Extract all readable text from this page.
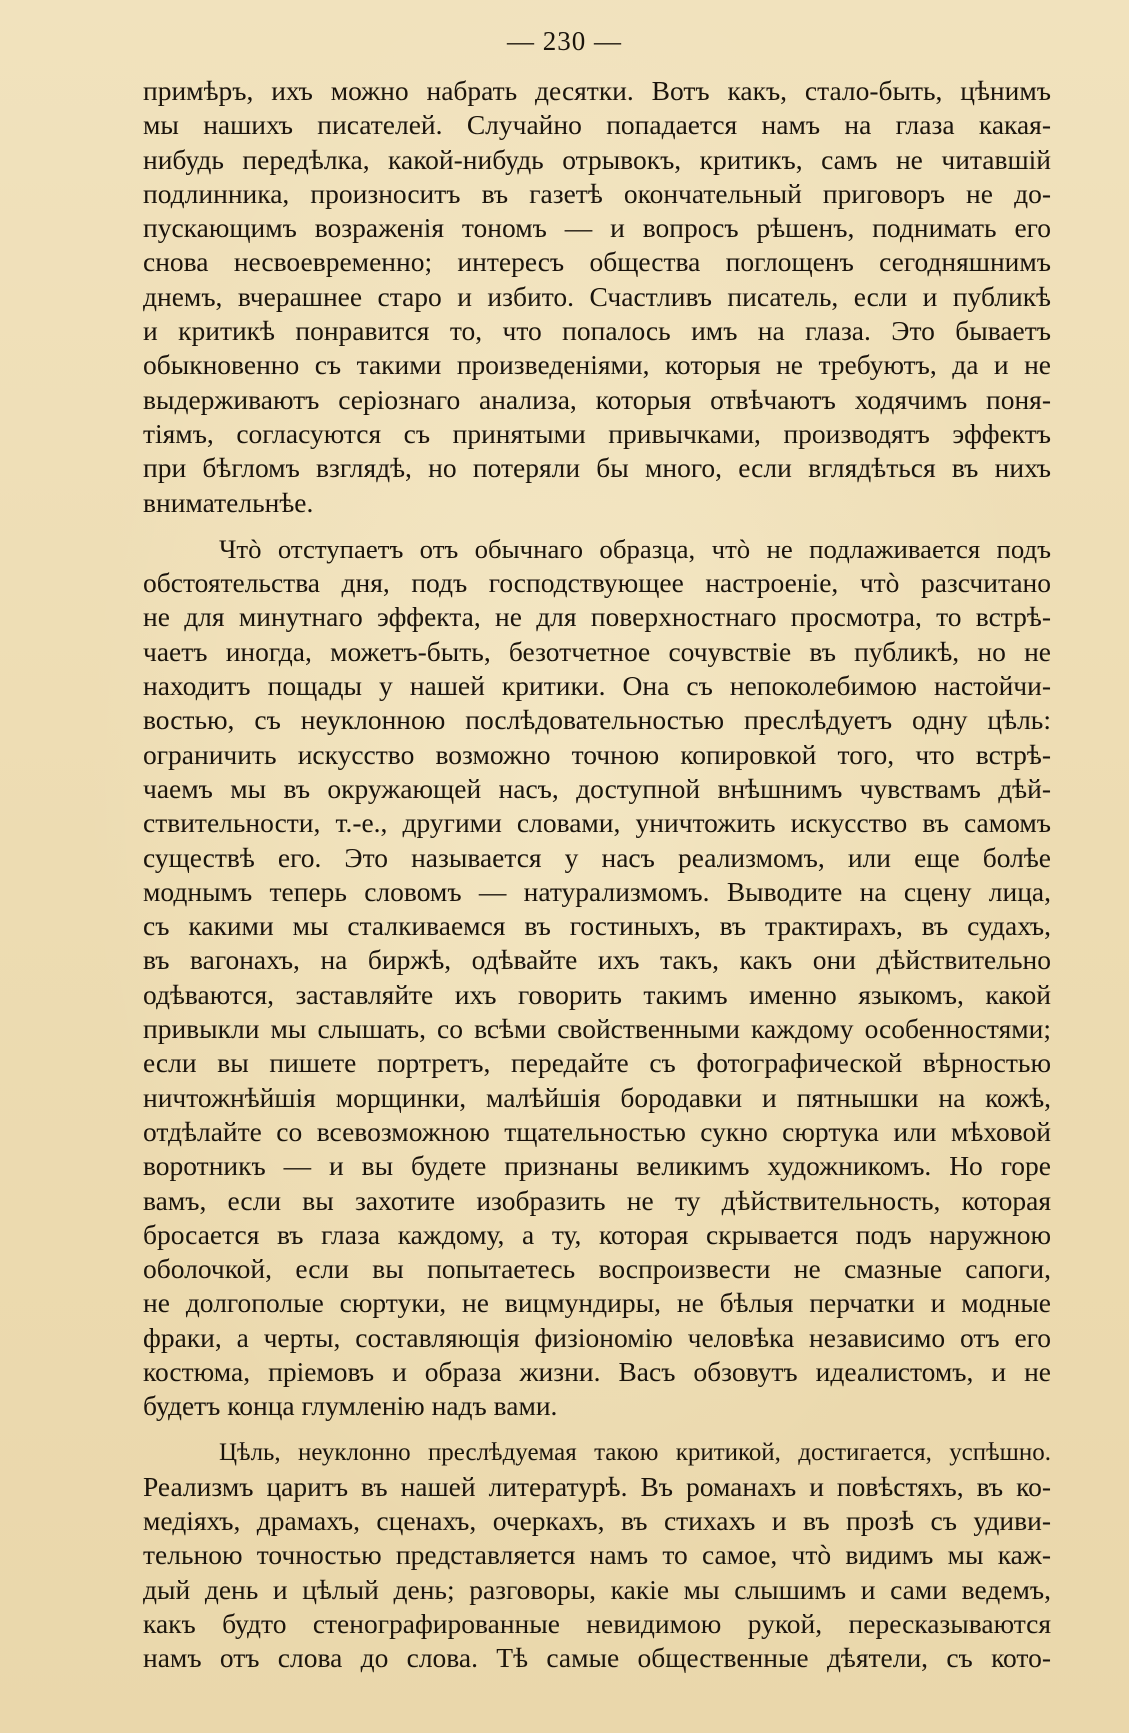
— 230 —
примѣръ, ихъ можно набрать десятки. Вотъ какъ, стало-быть, цѣнимъ
мы нашихъ писателей. Случайно попадается намъ на глаза какая-
нибудь передѣлка, какой-нибудь отрывокъ, критикъ, самъ не читавшій
подлинника, произноситъ въ газетѣ окончательный приговоръ не до-
пускающимъ возраженія тономъ — и вопросъ рѣшенъ, поднимать его
снова несвоевременно; интересъ общества поглощенъ сегодняшнимъ
днемъ, вчерашнее старо и избито. Счастливъ писатель, если и публикѣ
и критикѣ понравится то, что попалось имъ на глаза. Это бываетъ
обыкновенно съ такими произведеніями, которыя не требуютъ, да и не
выдерживаютъ серіознаго анализа, которыя отвѣчаютъ ходячимъ поня-
тіямъ, согласуются съ принятыми привычками, производятъ эффектъ
при бѣгломъ взглядѣ, но потеряли бы много, если вглядѣться въ нихъ
внимательнѣе.
Чтò отступаетъ отъ обычнаго образца, чтò не подлаживается подъ
обстоятельства дня, подъ господствующее настроеніе, чтò разсчитано
не для минутнаго эффекта, не для поверхностнаго просмотра, то встрѣ-
чаетъ иногда, можетъ-быть, безотчетное сочувствіе въ публикѣ, но не
находитъ пощады у нашей критики. Она съ непоколебимою настойчи-
востью, съ неуклонною послѣдовательностью преслѣдуетъ одну цѣль:
ограничить искусство возможно точною копировкой того, что встрѣ-
чаемъ мы въ окружающей насъ, доступной внѣшнимъ чувствамъ дѣй-
ствительности, т.-е., другими словами, уничтожить искусство въ самомъ
существѣ его. Это называется у насъ реализмомъ, или еще болѣе
моднымъ теперь словомъ — натурализмомъ. Выводите на сцену лица,
съ какими мы сталкиваемся въ гостиныхъ, въ трактирахъ, въ судахъ,
въ вагонахъ, на биржѣ, одѣвайте ихъ такъ, какъ они дѣйствительно
одѣваются, заставляйте ихъ говорить такимъ именно языкомъ, какой
привыкли мы слышать, со всѣми свойственными каждому особенностями;
если вы пишете портретъ, передайте съ фотографической вѣрностью
ничтожнѣйшія морщинки, малѣйшія бородавки и пятнышки на кожѣ,
отдѣлайте со всевозможною тщательностью сукно сюртука или мѣховой
воротникъ — и вы будете признаны великимъ художникомъ. Но горе
вамъ, если вы захотите изобразить не ту дѣйствительность, которая
бросается въ глаза каждому, а ту, которая скрывается подъ наружною
оболочкой, если вы попытаетесь воспроизвести не смазные сапоги,
не долгополые сюртуки, не вицмундиры, не бѣлыя перчатки и модные
фраки, а черты, составляющія физіономію человѣка независимо отъ его
костюма, пріемовъ и образа жизни. Васъ обзовутъ идеалистомъ, и не
будетъ конца глумленію надъ вами.
Цѣль, неуклонно преслѣдуемая такою критикой, достигается, успѣшно.
Реализмъ царитъ въ нашей литературѣ. Въ романахъ и повѣстяхъ, въ ко-
медіяхъ, драмахъ, сценахъ, очеркахъ, въ стихахъ и въ прозѣ съ удиви-
тельною точностью представляется намъ то самое, чтò видимъ мы каж-
дый день и цѣлый день; разговоры, какіе мы слышимъ и сами ведемъ,
какъ будто стенографированные невидимою рукой, пересказываются
намъ отъ слова до слова. Тѣ самые общественные дѣятели, съ кото-
